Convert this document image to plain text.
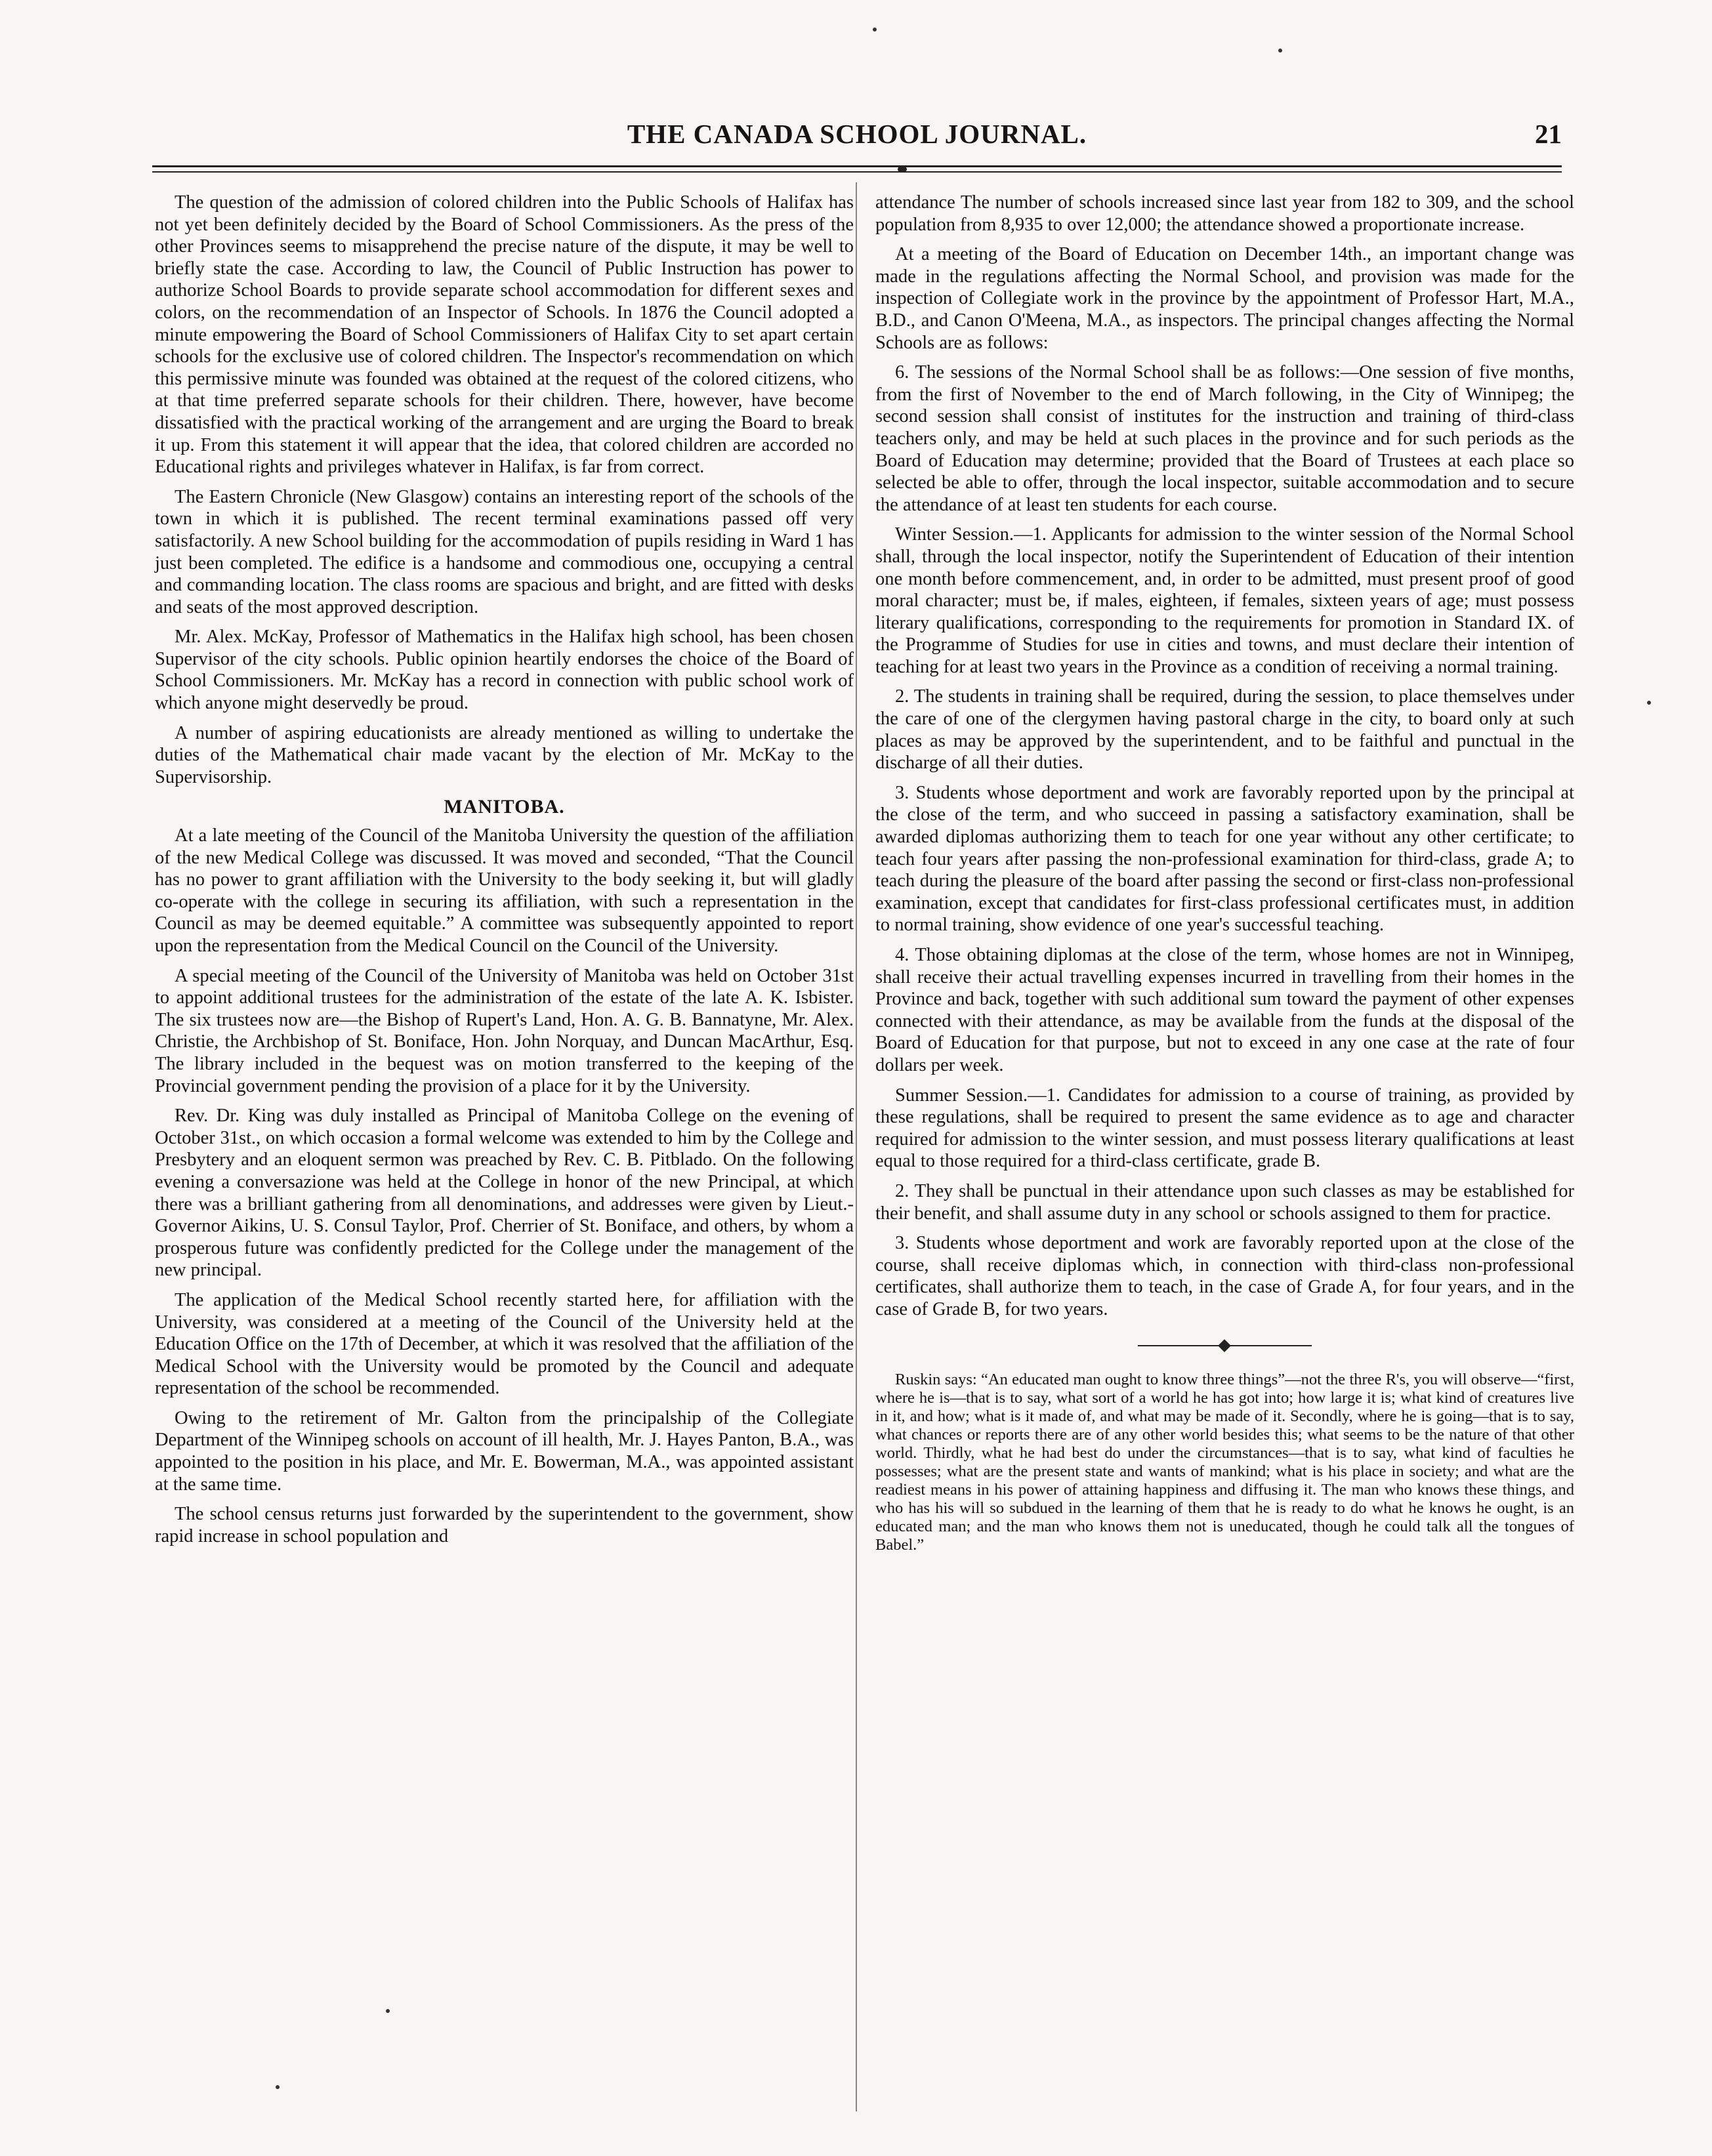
THE CANADA SCHOOL JOURNAL.	21

The question of the admission of colored children into the Public Schools of Halifax has not yet been definitely decided by the Board of School Commissioners. As the press of the other Provinces seems to misapprehend the precise nature of the dispute, it may be well to briefly state the case. According to law, the Council of Public Instruction has power to authorize School Boards to provide separate school accommodation for different sexes and colors, on the recommendation of an Inspector of Schools. In 1876 the Council adopted a minute empowering the Board of School Commissioners of Halifax City to set apart certain schools for the exclusive use of colored children. The Inspector's recommendation on which this permissive minute was founded was obtained at the request of the colored citizens, who at that time preferred separate schools for their children. There, however, have become dissatisfied with the practical working of the arrangement and are urging the Board to break it up. From this statement it will appear that the idea, that colored children are accorded no Educational rights and privileges whatever in Halifax, is far from correct.

The Eastern Chronicle (New Glasgow) contains an interesting report of the schools of the town in which it is published. The recent terminal examinations passed off very satisfactorily. A new School building for the accommodation of pupils residing in Ward 1 has just been completed. The edifice is a handsome and commodious one, occupying a central and commanding location. The class rooms are spacious and bright, and are fitted with desks and seats of the most approved description.

Mr. Alex. McKay, Professor of Mathematics in the Halifax high school, has been chosen Supervisor of the city schools. Public opinion heartily endorses the choice of the Board of School Commissioners. Mr. McKay has a record in connection with public school work of which anyone might deservedly be proud.

A number of aspiring educationists are already mentioned as willing to undertake the duties of the Mathematical chair made vacant by the election of Mr. McKay to the Supervisorship.

MANITOBA.

At a late meeting of the Council of the Manitoba University the question of the affiliation of the new Medical College was discussed. It was moved and seconded, “That the Council has no power to grant affiliation with the University to the body seeking it, but will gladly co-operate with the college in securing its affiliation, with such a representation in the Council as may be deemed equitable.” A committee was subsequently appointed to report upon the representation from the Medical Council on the Council of the University.

A special meeting of the Council of the University of Manitoba was held on October 31st to appoint additional trustees for the administration of the estate of the late A. K. Isbister. The six trustees now are—the Bishop of Rupert's Land, Hon. A. G. B. Bannatyne, Mr. Alex. Christie, the Archbishop of St. Boniface, Hon. John Norquay, and Duncan MacArthur, Esq. The library included in the bequest was on motion transferred to the keeping of the Provincial government pending the provision of a place for it by the University.

Rev. Dr. King was duly installed as Principal of Manitoba College on the evening of October 31st., on which occasion a formal welcome was extended to him by the College and Presbytery and an eloquent sermon was preached by Rev. C. B. Pitblado. On the following evening a conversazione was held at the College in honor of the new Principal, at which there was a brilliant gathering from all denominations, and addresses were given by Lieut.-Governor Aikins, U. S. Consul Taylor, Prof. Cherrier of St. Boniface, and others, by whom a prosperous future was confidently predicted for the College under the management of the new principal.

The application of the Medical School recently started here, for affiliation with the University, was considered at a meeting of the Council of the University held at the Education Office on the 17th of December, at which it was resolved that the affiliation of the Medical School with the University would be promoted by the Council and adequate representation of the school be recommended.

Owing to the retirement of Mr. Galton from the principalship of the Collegiate Department of the Winnipeg schools on account of ill health, Mr. J. Hayes Panton, B.A., was appointed to the position in his place, and Mr. E. Bowerman, M.A., was appointed assistant at the same time.

The school census returns just forwarded by the superintendent to the government, show rapid increase in school population and

attendance The number of schools increased since last year from 182 to 309, and the school population from 8,935 to over 12,000; the attendance showed a proportionate increase.

At a meeting of the Board of Education on December 14th., an important change was made in the regulations affecting the Normal School, and provision was made for the inspection of Collegiate work in the province by the appointment of Professor Hart, M.A., B.D., and Canon O'Meena, M.A., as inspectors. The principal changes affecting the Normal Schools are as follows:

6. The sessions of the Normal School shall be as follows:—One session of five months, from the first of November to the end of March following, in the City of Winnipeg; the second session shall consist of institutes for the instruction and training of third-class teachers only, and may be held at such places in the province and for such periods as the Board of Education may determine; provided that the Board of Trustees at each place so selected be able to offer, through the local inspector, suitable accommodation and to secure the attendance of at least ten students for each course.

Winter Session.—1. Applicants for admission to the winter session of the Normal School shall, through the local inspector, notify the Superintendent of Education of their intention one month before commencement, and, in order to be admitted, must present proof of good moral character; must be, if males, eighteen, if females, sixteen years of age; must possess literary qualifications, corresponding to the requirements for promotion in Standard IX. of the Programme of Studies for use in cities and towns, and must declare their intention of teaching for at least two years in the Province as a condition of receiving a normal training.

2. The students in training shall be required, during the session, to place themselves under the care of one of the clergymen having pastoral charge in the city, to board only at such places as may be approved by the superintendent, and to be faithful and punctual in the discharge of all their duties.

3. Students whose deportment and work are favorably reported upon by the principal at the close of the term, and who succeed in passing a satisfactory examination, shall be awarded diplomas authorizing them to teach for one year without any other certificate; to teach four years after passing the non-professional examination for third-class, grade A; to teach during the pleasure of the board after passing the second or first-class non-professional examination, except that candidates for first-class professional certificates must, in addition to normal training, show evidence of one year's successful teaching.

4. Those obtaining diplomas at the close of the term, whose homes are not in Winnipeg, shall receive their actual travelling expenses incurred in travelling from their homes in the Province and back, together with such additional sum toward the payment of other expenses connected with their attendance, as may be available from the funds at the disposal of the Board of Education for that purpose, but not to exceed in any one case at the rate of four dollars per week.

Summer Session.—1. Candidates for admission to a course of training, as provided by these regulations, shall be required to present the same evidence as to age and character required for admission to the winter session, and must possess literary qualifications at least equal to those required for a third-class certificate, grade B.

2. They shall be punctual in their attendance upon such classes as may be established for their benefit, and shall assume duty in any school or schools assigned to them for practice.

3. Students whose deportment and work are favorably reported upon at the close of the course, shall receive diplomas which, in connection with third-class non-professional certificates, shall authorize them to teach, in the case of Grade A, for four years, and in the case of Grade B, for two years.

Ruskin says: “An educated man ought to know three things”—not the three R's, you will observe—“first, where he is—that is to say, what sort of a world he has got into; how large it is; what kind of creatures live in it, and how; what is it made of, and what may be made of it. Secondly, where he is going—that is to say, what chances or reports there are of any other world besides this; what seems to be the nature of that other world. Thirdly, what he had best do under the circumstances—that is to say, what kind of faculties he possesses; what are the present state and wants of mankind; what is his place in society; and what are the readiest means in his power of attaining happiness and diffusing it. The man who knows these things, and who has his will so subdued in the learning of them that he is ready to do what he knows he ought, is an educated man; and the man who knows them not is uneducated, though he could talk all the tongues of Babel.”
